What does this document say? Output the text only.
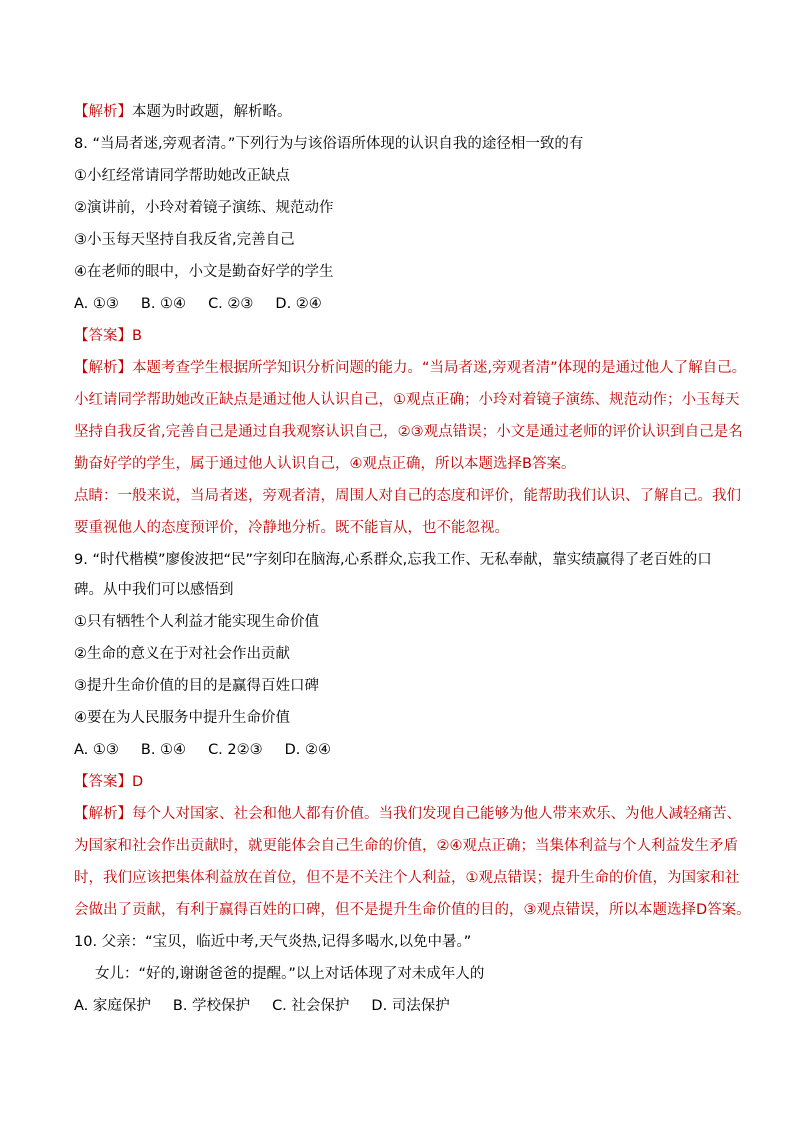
【解析】本题为时政题，解析略。
8. “当局者迷,旁观者清。”下列行为与该俗语所体现的认识自我的途径相一致的有
①小红经常请同学帮助她改正缺点
②演讲前，小玲对着镜子演练、规范动作
③小玉每天坚持自我反省,完善自己
④在老师的眼中，小文是勤奋好学的学生
A. ①③ B. ①④ C. ②③ D. ②④
【答案】B
【解析】本题考查学生根据所学知识分析问题的能力。“当局者迷,旁观者清”体现的是通过他人了解自己。
小红请同学帮助她改正缺点是通过他人认识自己，①观点正确；小玲对着镜子演练、规范动作；小玉每天
坚持自我反省,完善自己是通过自我观察认识自己，②③观点错误；小文是通过老师的评价认识到自己是名
勤奋好学的学生，属于通过他人认识自己，④观点正确，所以本题选择B答案。
点睛：一般来说，当局者迷，旁观者清，周围人对自己的态度和评价，能帮助我们认识、了解自己。我们
要重视他人的态度预评价，冷静地分析。既不能盲从，也不能忽视。
9. “时代楷模”廖俊波把“民”字刻印在脑海,心系群众,忘我工作、无私奉献，靠实绩赢得了老百姓的口
碑。从中我们可以感悟到
①只有牺牲个人利益才能实现生命价值
②生命的意义在于对社会作出贡献
③提升生命价值的目的是赢得百姓口碑
④要在为人民服务中提升生命价值
A. ①③ B. ①④ C. 2②③ D. ②④
【答案】D
【解析】每个人对国家、社会和他人都有价值。当我们发现自己能够为他人带来欢乐、为他人减轻痛苦、
为国家和社会作出贡献时，就更能体会自己生命的价值，②④观点正确；当集体利益与个人利益发生矛盾
时，我们应该把集体利益放在首位，但不是不关注个人利益，①观点错误；提升生命的价值，为国家和社
会做出了贡献，有利于赢得百姓的口碑，但不是提升生命价值的目的，③观点错误，所以本题选择D答案。
10. 父亲：“宝贝，临近中考,天气炎热,记得多喝水,以免中暑。”
女儿：“好的,谢谢爸爸的提醒。”以上对话体现了对未成年人的
A. 家庭保护 B. 学校保护 C. 社会保护 D. 司法保护
